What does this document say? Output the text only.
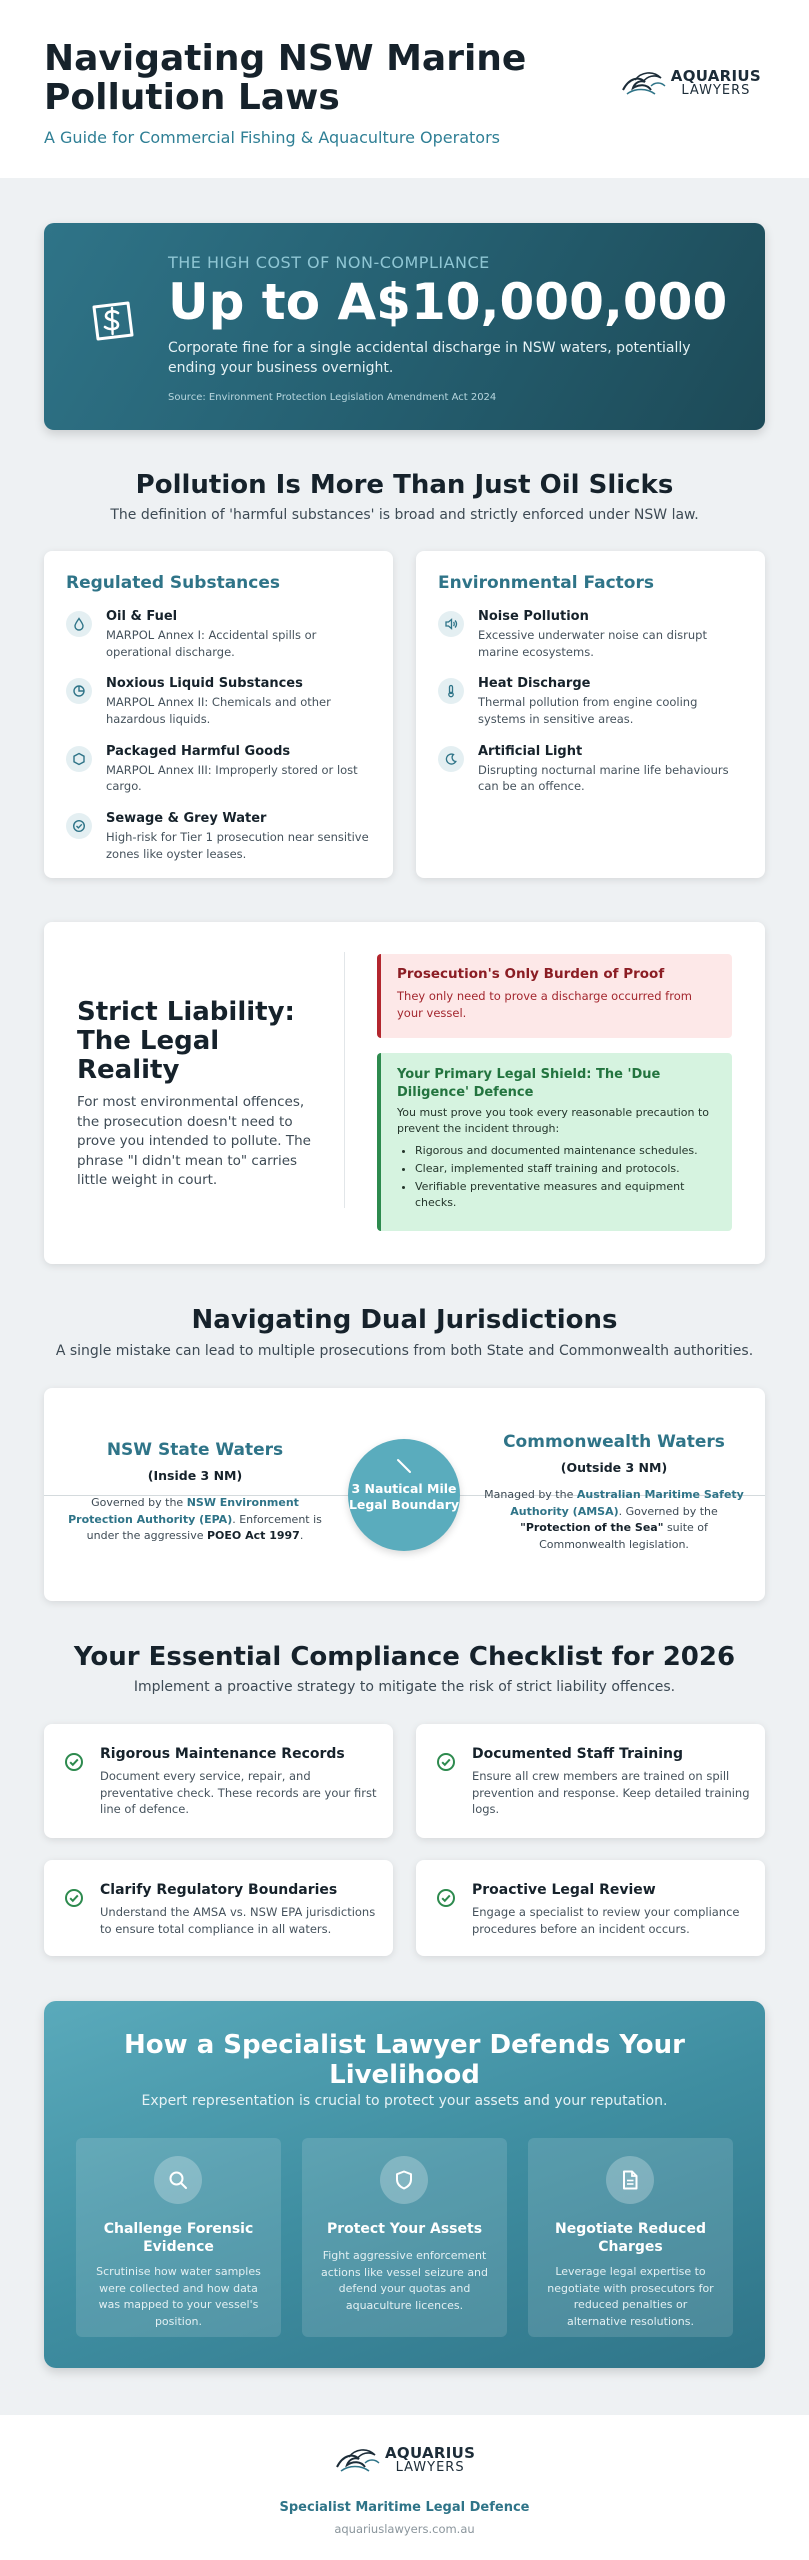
Navigating NSW Marine Pollution Laws
A Guide for Commercial Fishing & Aquaculture Operators
AQUARIUS
LAWYERS
THE HIGH COST OF NON-COMPLIANCE
Up to A$10,000,000
Corporate fine for a single accidental discharge in NSW waters, potentially ending your business overnight.
Source: Environment Protection Legislation Amendment Act 2024
Pollution Is More Than Just Oil Slicks
The definition of 'harmful substances' is broad and strictly enforced under NSW law.
Regulated Substances
Oil & Fuel
MARPOL Annex I: Accidental spills or operational discharge.
Noxious Liquid Substances
MARPOL Annex II: Chemicals and other hazardous liquids.
Packaged Harmful Goods
MARPOL Annex III: Improperly stored or lost cargo.
Sewage & Grey Water
High-risk for Tier 1 prosecution near sensitive zones like oyster leases.
Environmental Factors
Noise Pollution
Excessive underwater noise can disrupt marine ecosystems.
Heat Discharge
Thermal pollution from engine cooling systems in sensitive areas.
Artificial Light
Disrupting nocturnal marine life behaviours can be an offence.
Strict Liability: The Legal Reality
For most environmental offences, the prosecution doesn't need to prove you intended to pollute. The phrase "I didn't mean to" carries little weight in court.
Prosecution's Only Burden of Proof
They only need to prove a discharge occurred from your vessel.
Your Primary Legal Shield: The 'Due Diligence' Defence
You must prove you took every reasonable precaution to prevent the incident through:
• Rigorous and documented maintenance schedules.
• Clear, implemented staff training and protocols.
• Verifiable preventative measures and equipment checks.
Navigating Dual Jurisdictions
A single mistake can lead to multiple prosecutions from both State and Commonwealth authorities.
NSW State Waters
(Inside 3 NM)
Governed by the NSW Environment Protection Authority (EPA). Enforcement is under the aggressive POEO Act 1997.
3 Nautical Mile Legal Boundary
Commonwealth Waters
(Outside 3 NM)
Managed by the Australian Maritime Safety Authority (AMSA). Governed by the "Protection of the Sea" suite of Commonwealth legislation.
Your Essential Compliance Checklist for 2026
Implement a proactive strategy to mitigate the risk of strict liability offences.
Rigorous Maintenance Records
Document every service, repair, and preventative check. These records are your first line of defence.
Documented Staff Training
Ensure all crew members are trained on spill prevention and response. Keep detailed training logs.
Clarify Regulatory Boundaries
Understand the AMSA vs. NSW EPA jurisdictions to ensure total compliance in all waters.
Proactive Legal Review
Engage a specialist to review your compliance procedures before an incident occurs.
How a Specialist Lawyer Defends Your Livelihood
Expert representation is crucial to protect your assets and your reputation.
Challenge Forensic Evidence
Scrutinise how water samples were collected and how data was mapped to your vessel's position.
Protect Your Assets
Fight aggressive enforcement actions like vessel seizure and defend your quotas and aquaculture licences.
Negotiate Reduced Charges
Leverage legal expertise to negotiate with prosecutors for reduced penalties or alternative resolutions.
AQUARIUS
LAWYERS
Specialist Maritime Legal Defence
aquariuslawyers.com.au
